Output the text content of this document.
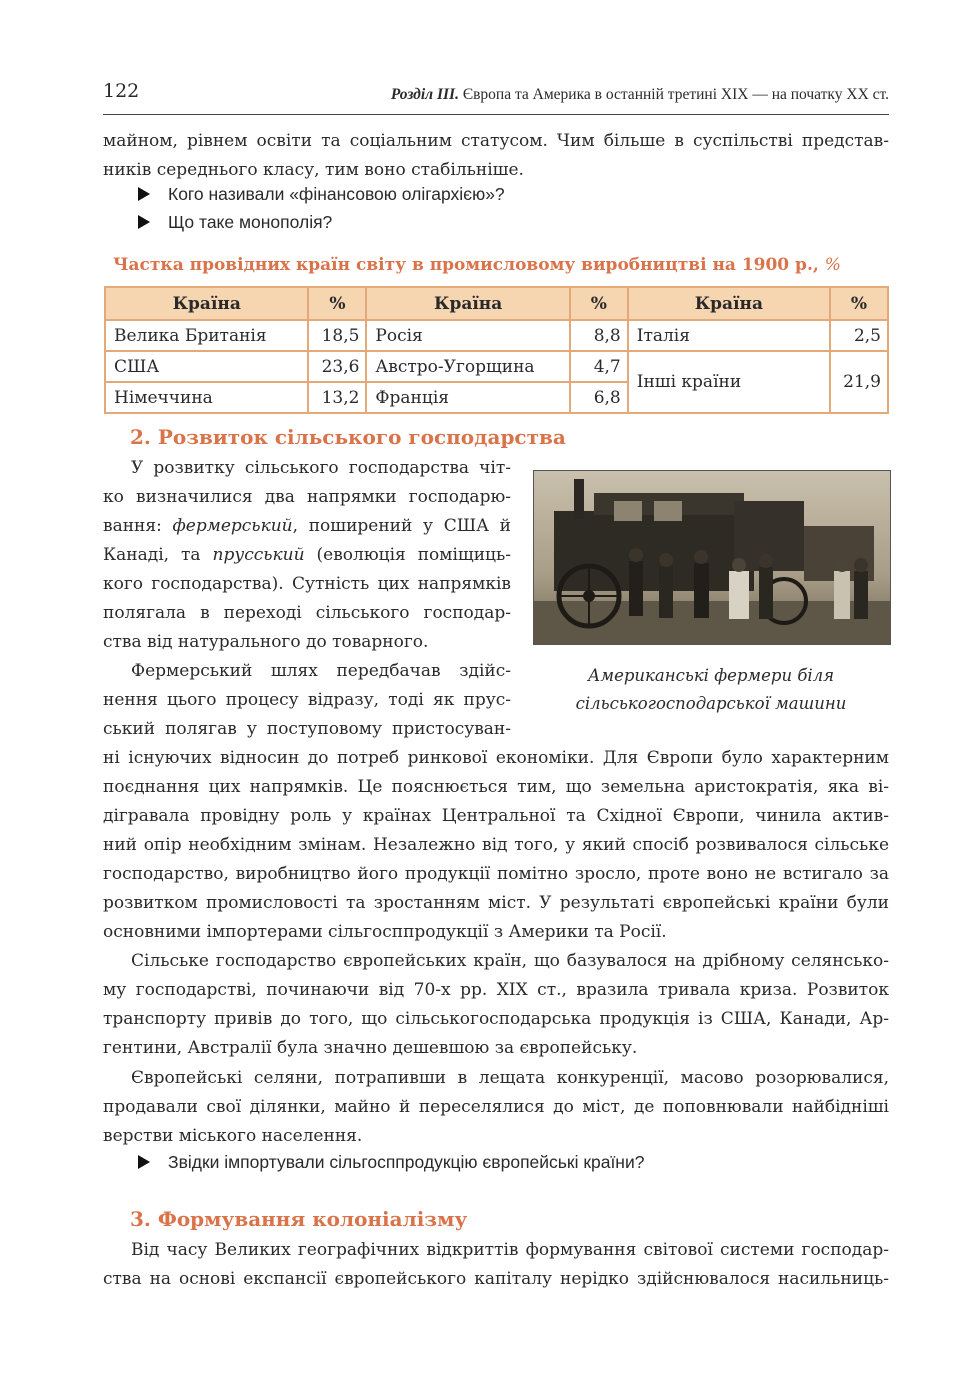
122	Розділ ІІІ. Європа та Америка в останній третині XIX — на початку XX ст.
майном, рівнем освіти та соціальним статусом. Чим більше в суспільстві представ-
ників середнього класу, тим воно стабільніше.
Кого називали «фінансовою олігархією»?
Що таке монополія?
Частка провідних країн світу в промисловому виробництві на 1900 р., %
Країна	%	Країна	%	Країна	%
Велика Британія	18,5	Росія	8,8	Італія	2,5
США	23,6	Австро-Угорщина	4,7	Інші країни	21,9
Німеччина	13,2	Франція	6,8		
2. Розвиток сільського господарства
У розвитку сільського господарства чіт-
ко визначилися два напрямки господарю-
вання: фермерський, поширений у США й
Канаді, та прусський (еволюція поміщиць-
кого господарства). Сутність цих напрямків
полягала в переході сільського господар-
ства від натурального до товарного.
Американські фермери біля
сільськогосподарської машини
Фермерський шлях передбачав здійс-
нення цього процесу відразу, тоді як прус-
ський полягав у поступовому пристосуван-
ні існуючих відносин до потреб ринкової економіки. Для Європи було характерним
поєднання цих напрямків. Це пояснюється тим, що земельна аристократія, яка ві-
дігравала провідну роль у країнах Центральної та Східної Європи, чинила актив-
ний опір необхідним змінам. Незалежно від того, у який спосіб розвивалося сільське
господарство, виробництво його продукції помітно зросло, проте воно не встигало за
розвитком промисловості та зростанням міст. У результаті європейські країни були
основними імпортерами сільгосппродукції з Америки та Росії.
Сільське господарство європейських країн, що базувалося на дрібному селянсько-
му господарстві, починаючи від 70-х рр. XIX ст., вразила тривала криза. Розвиток
транспорту привів до того, що сільськогосподарська продукція із США, Канади, Ар-
гентини, Австралії була значно дешевшою за європейську.
Європейські селяни, потрапивши в лещата конкуренції, масово розорювалися,
продавали свої ділянки, майно й переселялися до міст, де поповнювали найбідніші
верстви міського населення.
Звідки імпортували сільгосппродукцію європейські країни?
3. Формування колоніалізму
Від часу Великих географічних відкриттів формування світової системи господар-
ства на основі експансії європейського капіталу нерідко здійснювалося насильниць-
